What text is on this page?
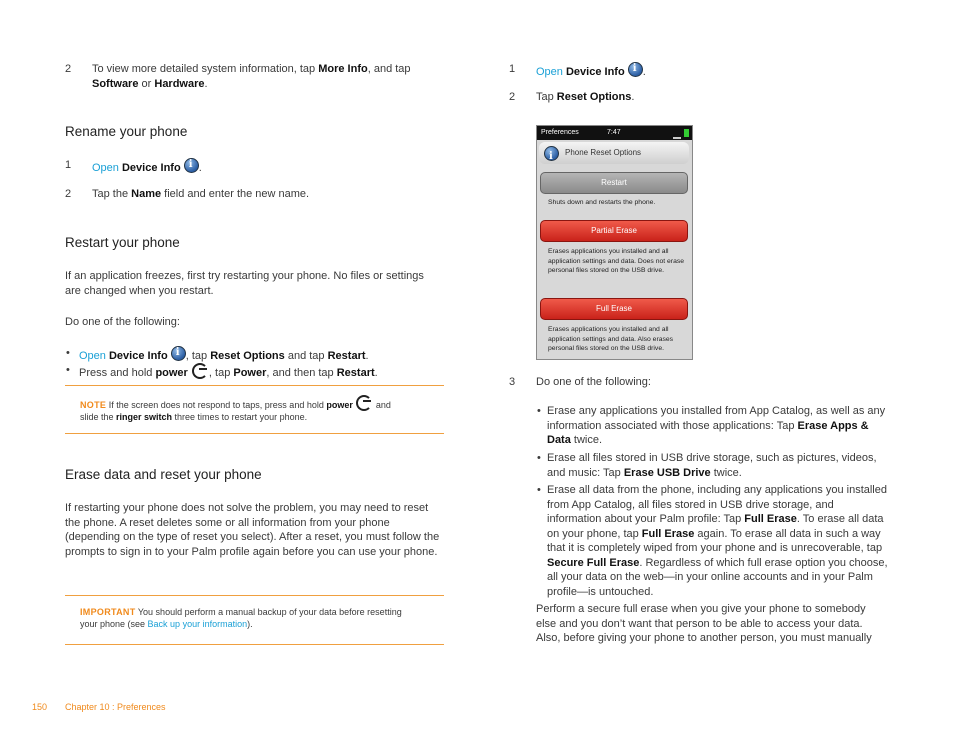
2	To view more detailed system information, tap More Info, and tap
Software or Hardware.
Rename your phone
1	Open Device Info i .
2	Tap the Name field and enter the new name.
Restart your phone
If an application freezes, first try restarting your phone. No files or settings are changed when you restart.
Do one of the following:
• Open Device Info i , tap Reset Options and tap Restart.
• Press and hold power , tap Power, and then tap Restart.
NOTE If the screen does not respond to taps, press and hold power	and
slide the ringer switch three times to restart your phone.
Erase data and reset your phone
If restarting your phone does not solve the problem, you may need to reset the phone. A reset deletes some or all information from your phone (depending on the type of reset you select). After a reset, you must follow the prompts to sign in to your Palm profile again before you can use your phone.
IMPORTANT You should perform a manual backup of your data before resetting
your phone (see Back up your information).
1	Open Device Info i .
2	Tap Reset Options.
Preferences	7:47
i
Phone Reset Options
Restart
Shuts down and restarts the phone.
Partial Erase
Erases applications you installed and all application settings and data. Does not erase personal files stored on the USB drive.
Full Erase
Erases applications you installed and all application settings and data. Also erases personal files stored on the USB drive.
3	Do one of the following:
• Erase any applications you installed from App Catalog, as well as any information associated with those applications: Tap Erase Apps & Data twice.
• Erase all files stored in USB drive storage, such as pictures, videos, and music: Tap Erase USB Drive twice.
• Erase all data from the phone, including any applications you installed from App Catalog, all files stored in USB drive storage, and information about your Palm profile: Tap Full Erase. To erase all data on your phone, tap Full Erase again. To erase all data in such a way that it is completely wiped from your phone and is unrecoverable, tap Secure Full Erase. Regardless of which full erase option you choose, all your data on the web—in your online accounts and in your Palm profile—is untouched.
Perform a secure full erase when you give your phone to somebody else and you don’t want that person to be able to access your data. Also, before giving your phone to another person, you must manually
150 Chapter 10 : Preferences
